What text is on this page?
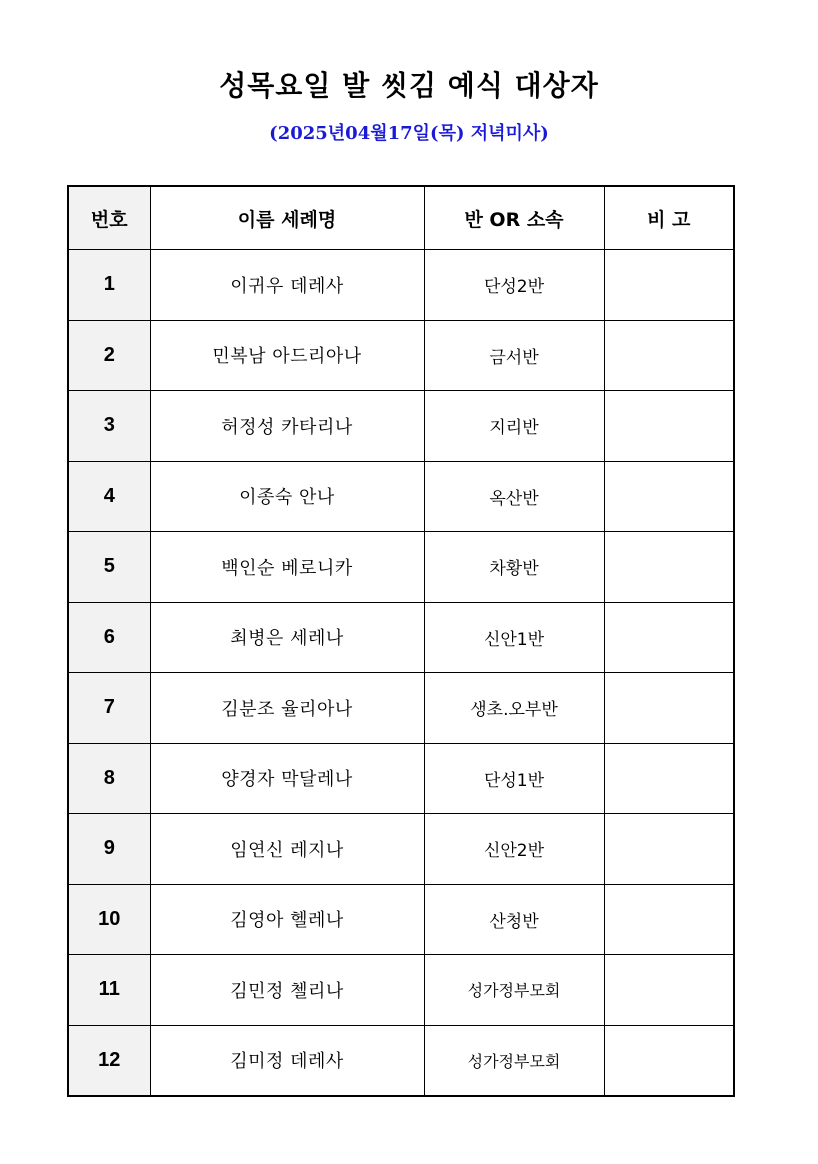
성목요일 발 씻김 예식 대상자
(2025년04월17일(목) 저녁미사)
번호	이름 세례명	반 OR 소속	비 고
1	이귀우 데레사	단성2반	
2	민복남 아드리아나	금서반	
3	허정성 카타리나	지리반	
4	이종숙 안나	옥산반	
5	백인순 베로니카	차황반	
6	최병은 세레나	신안1반	
7	김분조 율리아나	생초.오부반	
8	양경자 막달레나	단성1반	
9	임연신 레지나	신안2반	
10	김영아 헬레나	산청반	
11	김민정 첼리나	성가정부모회	
12	김미정 데레사	성가정부모회	
